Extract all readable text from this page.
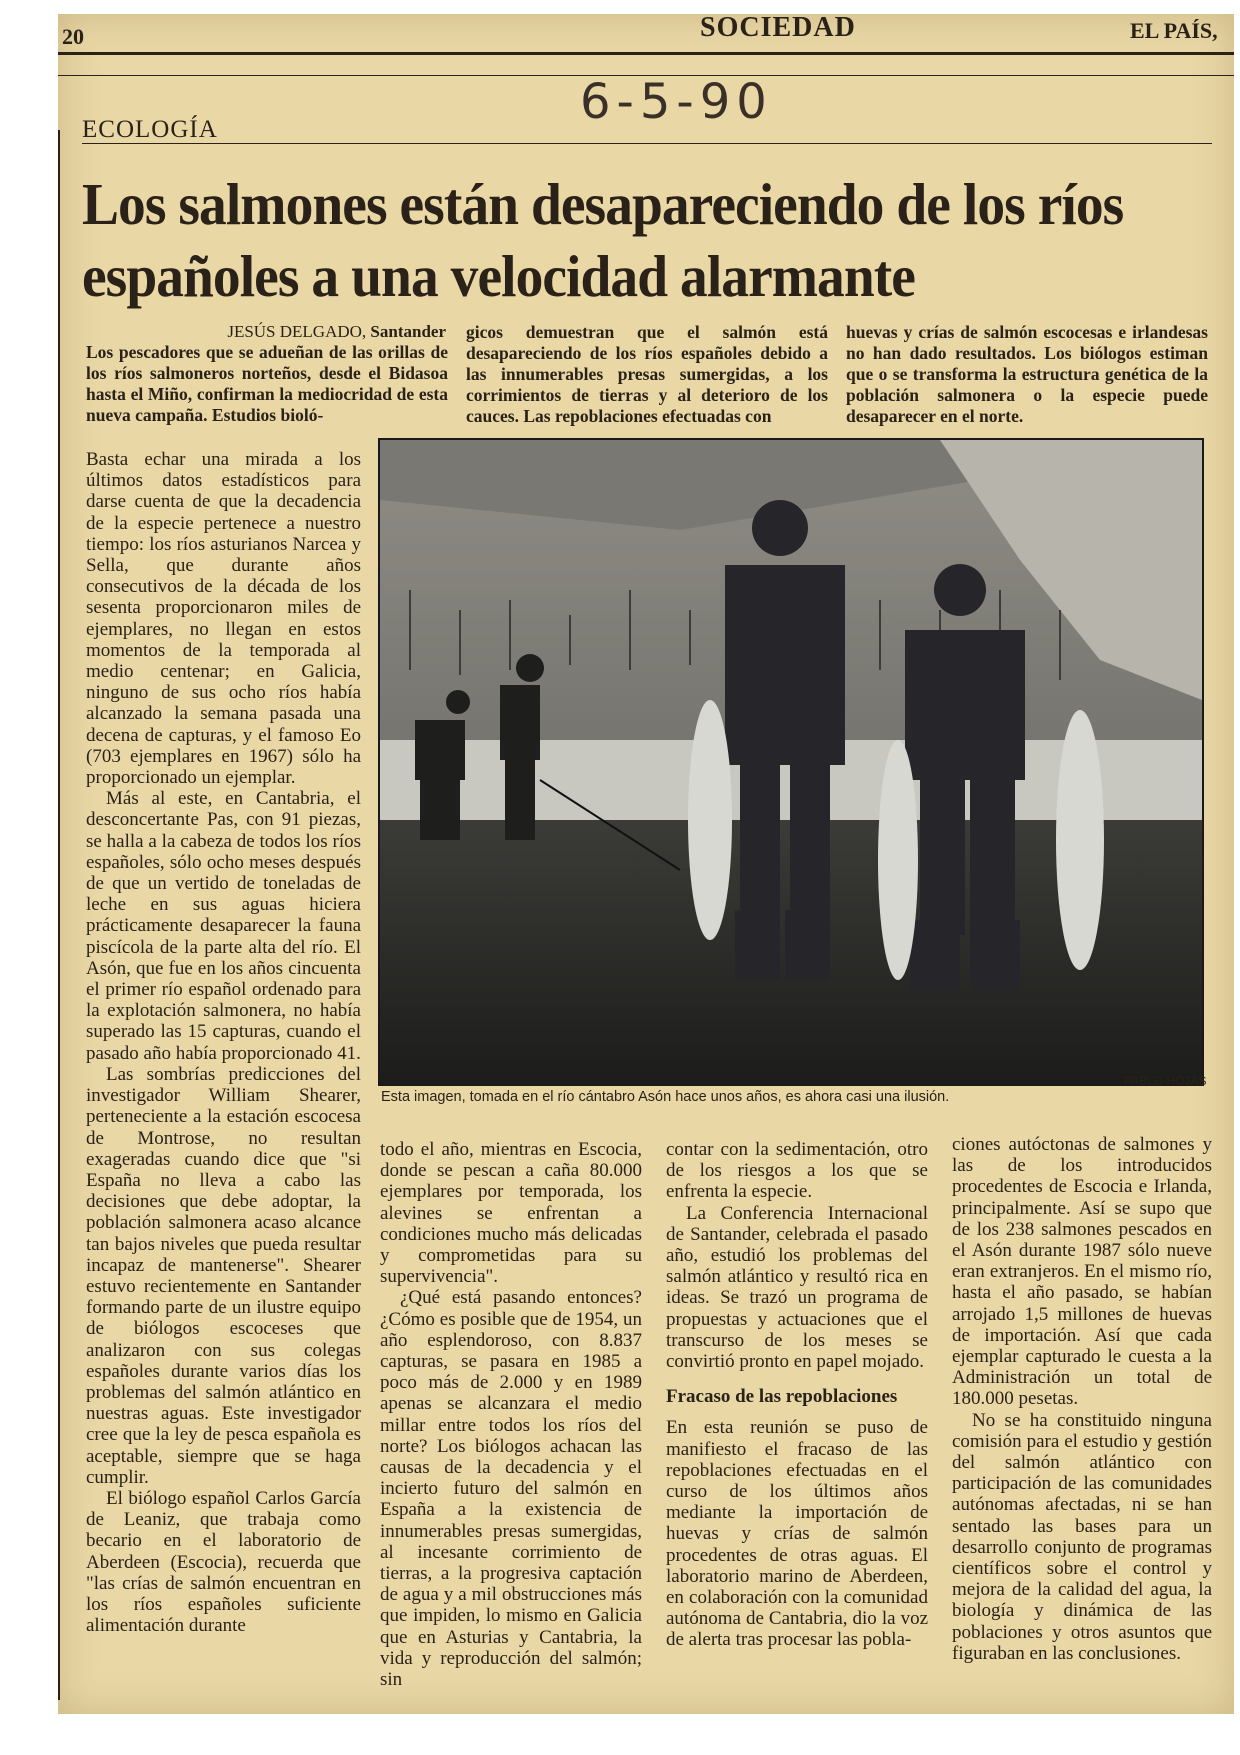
20	SOCIEDAD	EL PAÍS,
6-5-90
ECOLOGÍA
Los salmones están desapareciendo de los ríos españoles a una velocidad alarmante
JESÚS DELGADO, Santander
Los pescadores que se adueñan de las orillas de los ríos salmoneros norteños, desde el Bidasoa hasta el Miño, confirman la mediocridad de esta nueva campaña. Estudios bioló-
gicos demuestran que el salmón está desapareciendo de los ríos españoles debido a las innumerables presas sumergidas, a los corrimientos de tierras y al deterioro de los cauces. Las repoblaciones efectuadas con
huevas y crías de salmón escocesas e irlandesas no han dado resultados. Los biólogos estiman que o se transforma la estructura genética de la población salmonera o la especie puede desaparecer en el norte.
PABLO HOJAS
Esta imagen, tomada en el río cántabro Asón hace unos años, es ahora casi una ilusión.

Basta echar una mirada a los últimos datos estadísticos para darse cuenta de que la decadencia de la especie pertenece a nuestro tiempo: los ríos asturianos Narcea y Sella, que durante años consecutivos de la década de los sesenta proporcionaron miles de ejemplares, no llegan en estos momentos de la temporada al medio centenar; en Galicia, ninguno de sus ocho ríos había alcanzado la semana pasada una decena de capturas, y el famoso Eo (703 ejemplares en 1967) sólo ha proporcionado un ejemplar.

Más al este, en Cantabria, el desconcertante Pas, con 91 piezas, se halla a la cabeza de todos los ríos españoles, sólo ocho meses después de que un vertido de toneladas de leche en sus aguas hiciera prácticamente desaparecer la fauna piscícola de la parte alta del río. El Asón, que fue en los años cincuenta el primer río español ordenado para la explotación salmonera, no había superado las 15 capturas, cuando el pasado año había proporcionado 41.

Las sombrías predicciones del investigador William Shearer, perteneciente a la estación escocesa de Montrose, no resultan exageradas cuando dice que "si España no lleva a cabo las decisiones que debe adoptar, la población salmonera acaso alcance tan bajos niveles que pueda resultar incapaz de mantenerse". Shearer estuvo recientemente en Santander formando parte de un ilustre equipo de biólogos escoceses que analizaron con sus colegas españoles durante varios días los problemas del salmón atlántico en nuestras aguas. Este investigador cree que la ley de pesca española es aceptable, siempre que se haga cumplir.

El biólogo español Carlos García de Leaniz, que trabaja como becario en el laboratorio de Aberdeen (Escocia), recuerda que "las crías de salmón encuentran en los ríos españoles suficiente alimentación durante

todo el año, mientras en Escocia, donde se pescan a caña 80.000 ejemplares por temporada, los alevines se enfrentan a condiciones mucho más delicadas y comprometidas para su supervivencia".

¿Qué está pasando entonces? ¿Cómo es posible que de 1954, un año esplendoroso, con 8.837 capturas, se pasara en 1985 a poco más de 2.000 y en 1989 apenas se alcanzara el medio millar entre todos los ríos del norte? Los biólogos achacan las causas de la decadencia y el incierto futuro del salmón en España a la existencia de innumerables presas sumergidas, al incesante corrimiento de tierras, a la progresiva captación de agua y a mil obstrucciones más que impiden, lo mismo en Galicia que en Asturias y Cantabria, la vida y reproducción del salmón; sin

contar con la sedimentación, otro de los riesgos a los que se enfrenta la especie.

La Conferencia Internacional de Santander, celebrada el pasado año, estudió los problemas del salmón atlántico y resultó rica en ideas. Se trazó un programa de propuestas y actuaciones que el transcurso de los meses se convirtió pronto en papel mojado.

Fracaso de las repoblaciones

En esta reunión se puso de manifiesto el fracaso de las repoblaciones efectuadas en el curso de los últimos años mediante la importación de huevas y crías de salmón procedentes de otras aguas. El laboratorio marino de Aberdeen, en colaboración con la comunidad autónoma de Cantabria, dio la voz de alerta tras procesar las pobla-

ciones autóctonas de salmones y las de los introducidos procedentes de Escocia e Irlanda, principalmente. Así se supo que de los 238 salmones pescados en el Asón durante 1987 sólo nueve eran extranjeros. En el mismo río, hasta el año pasado, se habían arrojado 1,5 millones de huevas de importación. Así que cada ejemplar capturado le cuesta a la Administración un total de 180.000 pesetas.

No se ha constituido ninguna comisión para el estudio y gestión del salmón atlántico con participación de las comunidades autónomas afectadas, ni se han sentado las bases para un desarrollo conjunto de programas científicos sobre el control y mejora de la calidad del agua, la biología y dinámica de las poblaciones y otros asuntos que figuraban en las conclusiones.
